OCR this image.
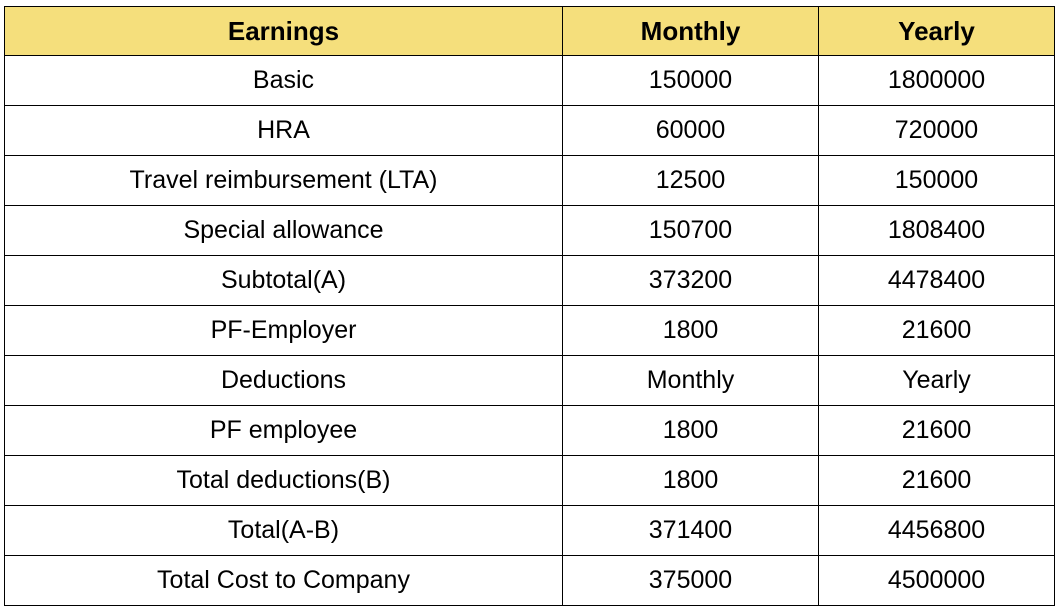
Earnings	Monthly	Yearly
Basic	150000	1800000
HRA	60000	720000
Travel reimbursement (LTA)	12500	150000
Special allowance	150700	1808400
Subtotal(A)	373200	4478400
PF-Employer	1800	21600
Deductions	Monthly	Yearly
PF employee	1800	21600
Total deductions(B)	1800	21600
Total(A-B)	371400	4456800
Total Cost to Company	375000	4500000
